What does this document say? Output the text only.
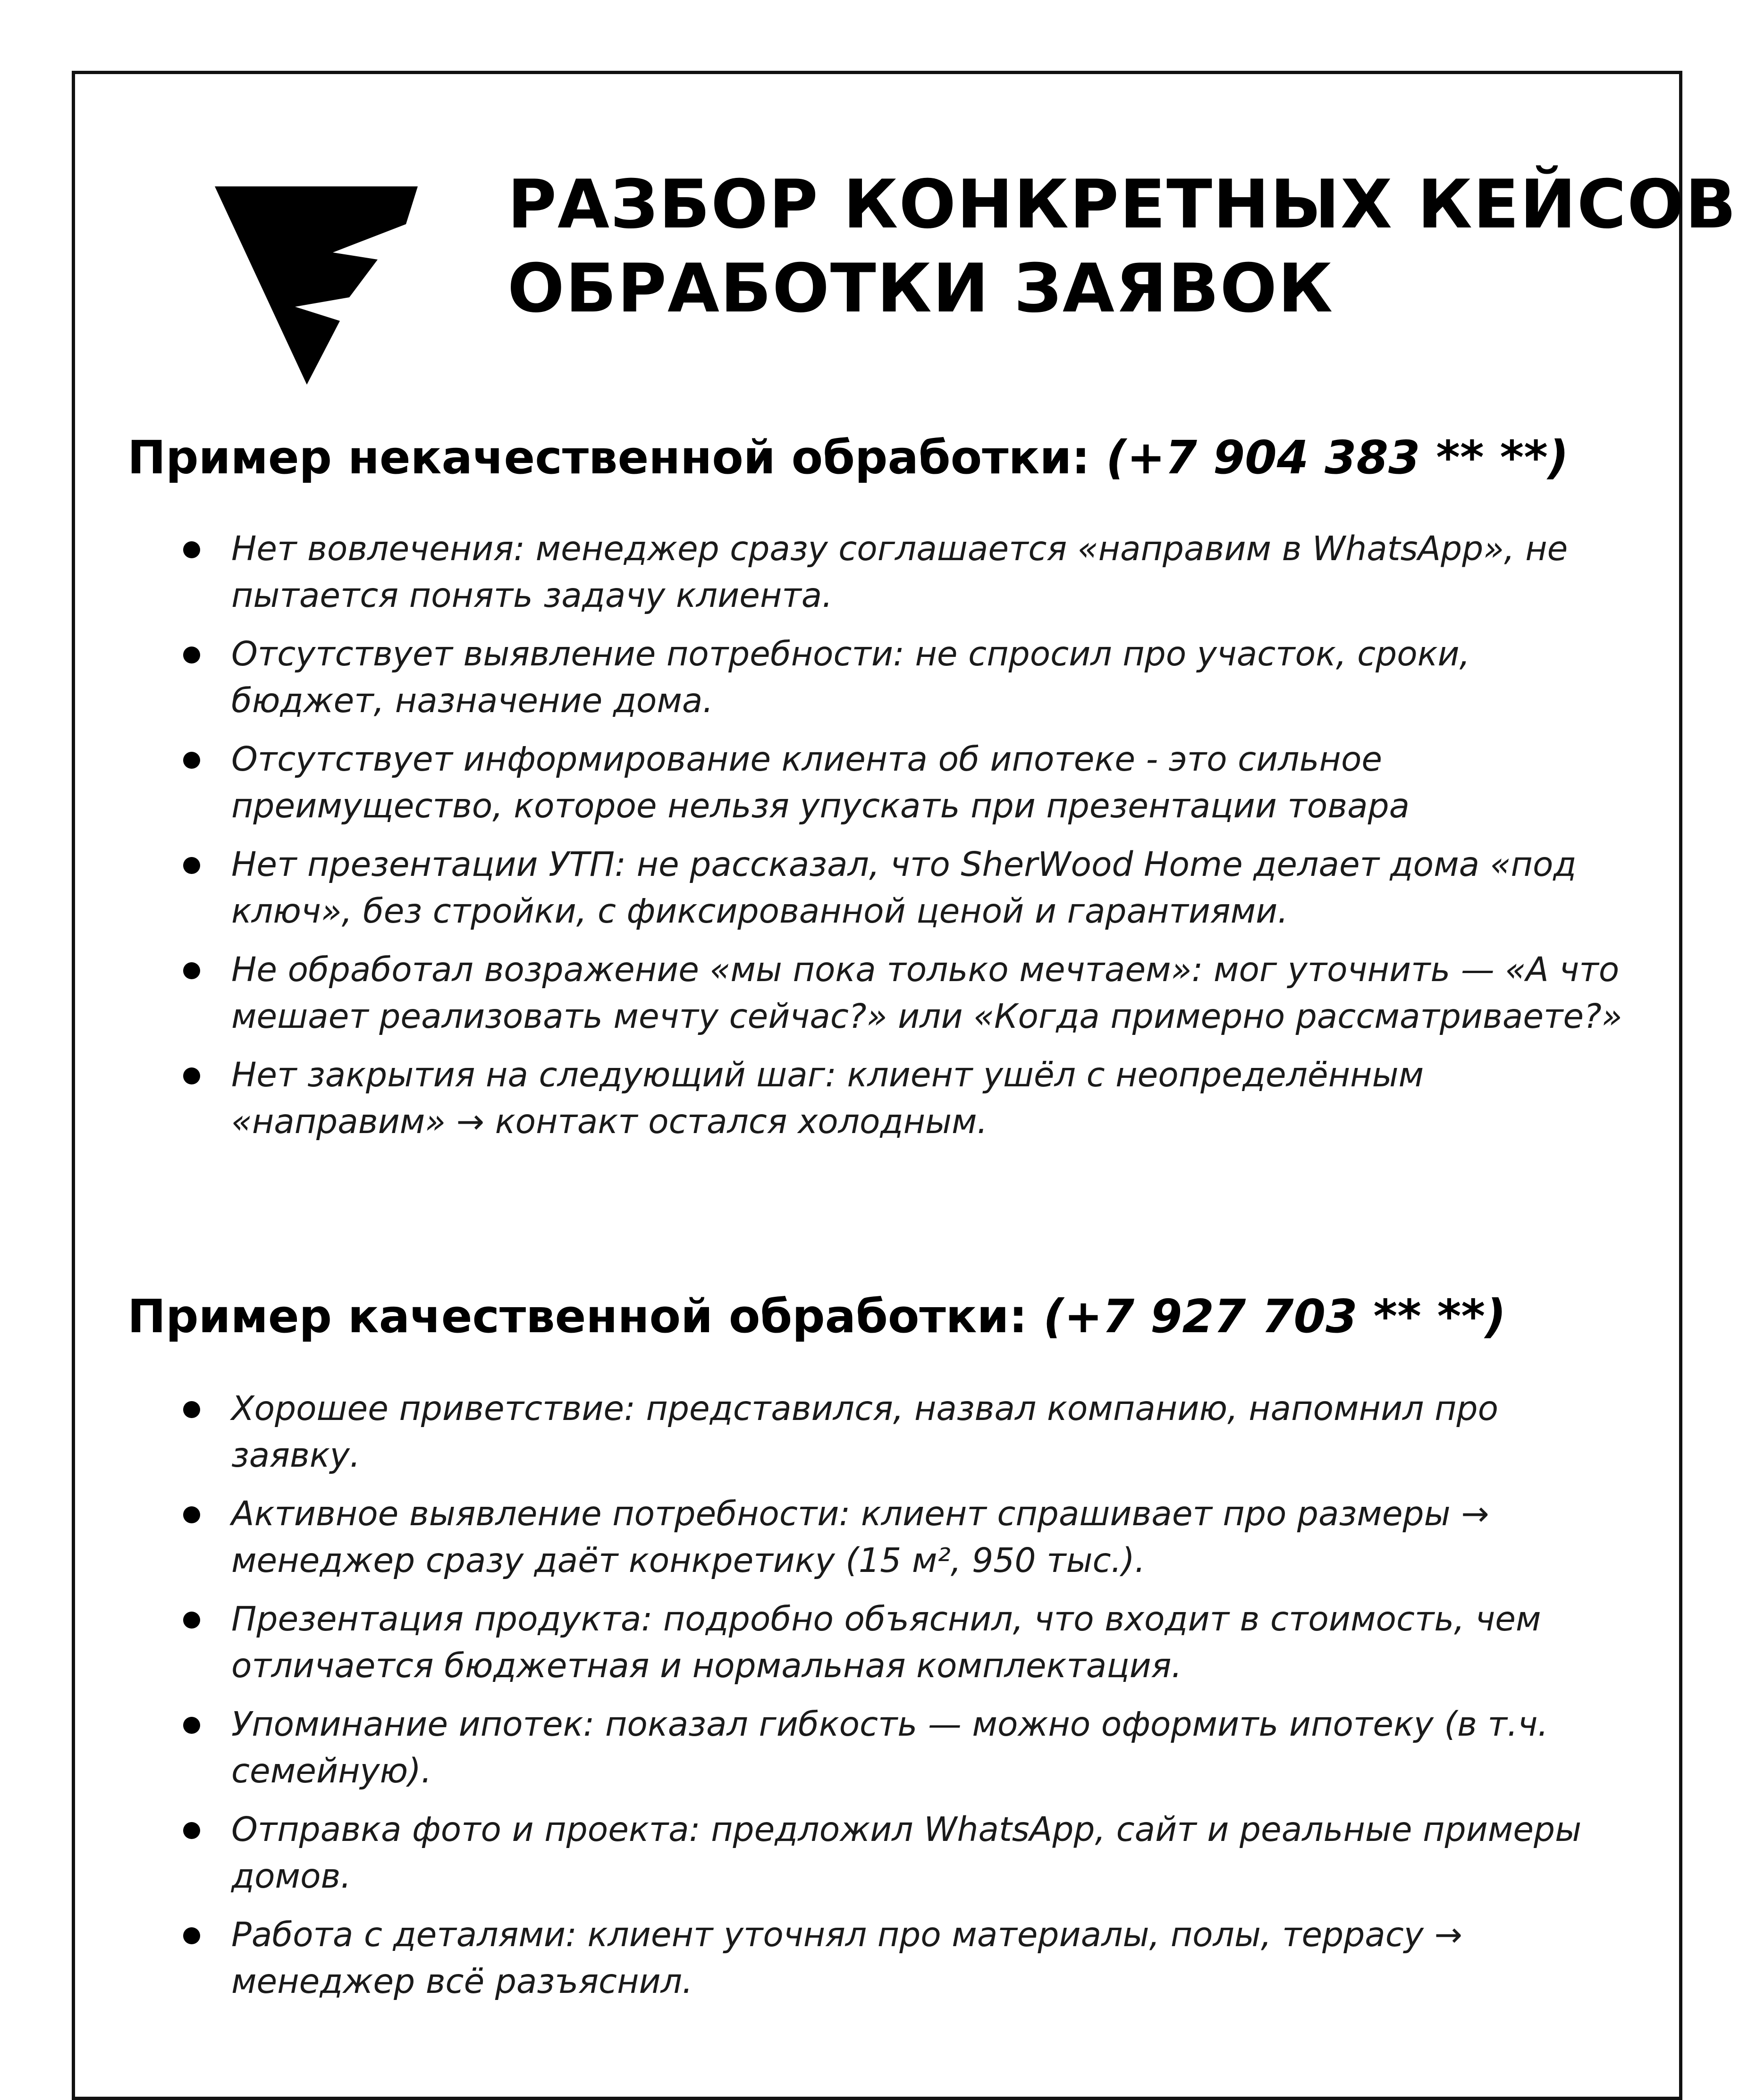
РАЗБОР КОНКРЕТНЫХ КЕЙСОВ
ОБРАБОТКИ ЗАЯВОК
Пример некачественной обработки: (+7 904 383 ** **)
Нет вовлечения: менеджер сразу соглашается «направим в WhatsApp», не пытается понять задачу клиента.
Отсутствует выявление потребности: не спросил про участок, сроки, бюджет, назначение дома.
Отсутствует информирование клиента об ипотеке - это сильное преимущество, которое нельзя упускать при презентации товара
Нет презентации УТП: не рассказал, что SherWood Home делает дома «под ключ», без стройки, с фиксированной ценой и гарантиями.
Не обработал возражение «мы пока только мечтаем»: мог уточнить — «А что мешает реализовать мечту сейчас?» или «Когда примерно рассматриваете?»
Нет закрытия на следующий шаг: клиент ушёл с неопределённым «направим» → контакт остался холодным.
Пример качественной обработки: (+7 927 703 ** **)
Хорошее приветствие: представился, назвал компанию, напомнил про заявку.
Активное выявление потребности: клиент спрашивает про размеры → менеджер сразу даёт конкретику (15 м², 950 тыс.).
Презентация продукта: подробно объяснил, что входит в стоимость, чем отличается бюджетная и нормальная комплектация.
Упоминание ипотек: показал гибкость — можно оформить ипотеку (в т.ч. семейную).
Отправка фото и проекта: предложил WhatsApp, сайт и реальные примеры домов.
Работа с деталями: клиент уточнял про материалы, полы, террасу → менеджер всё разъяснил.
